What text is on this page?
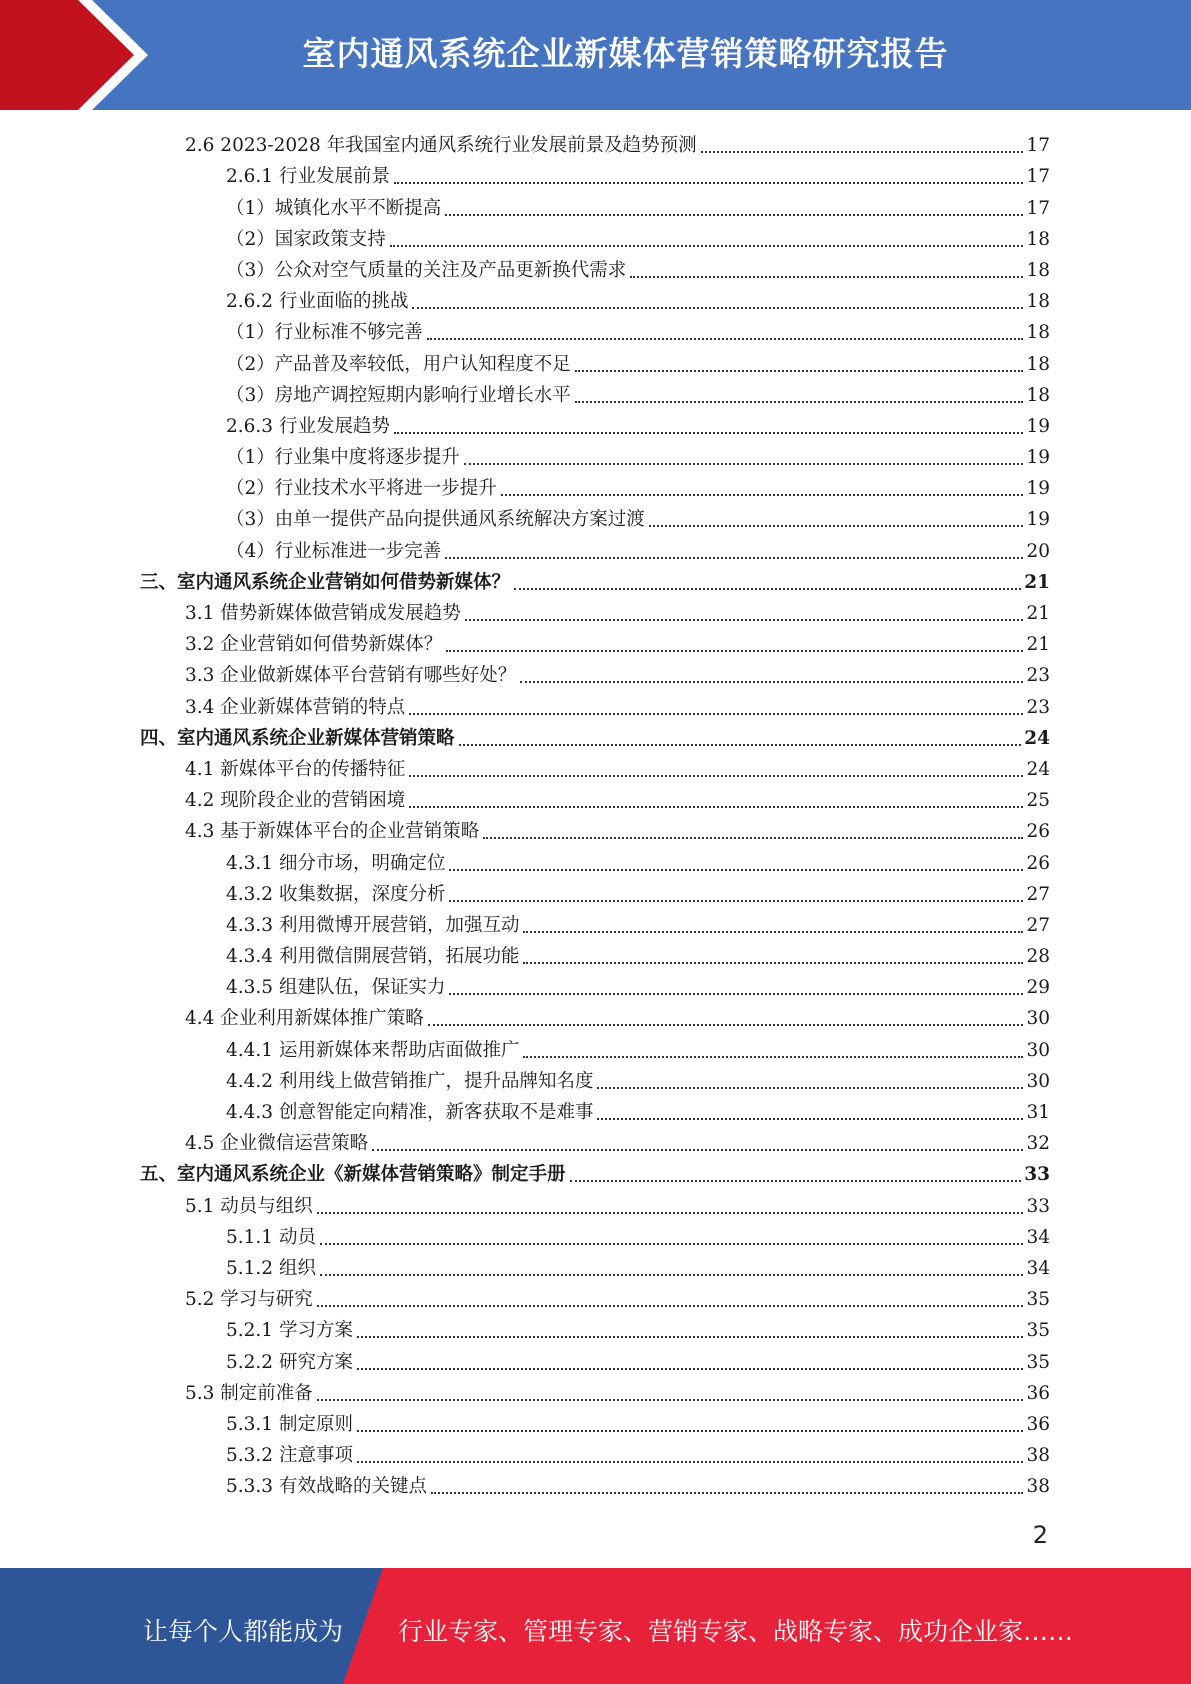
室内通风系统企业新媒体营销策略研究报告
2.6 2023-2028 年我国室内通风系统行业发展前景及趋势预测	17
2.6.1 行业发展前景	17
（1）城镇化水平不断提高	17
（2）国家政策支持	18
（3）公众对空气质量的关注及产品更新换代需求	18
2.6.2 行业面临的挑战	18
（1）行业标准不够完善	18
（2）产品普及率较低，用户认知程度不足	18
（3）房地产调控短期内影响行业增长水平	18
2.6.3 行业发展趋势	19
（1）行业集中度将逐步提升	19
（2）行业技术水平将进一步提升	19
（3）由单一提供产品向提供通风系统解决方案过渡	19
（4）行业标准进一步完善	20
三、室内通风系统企业营销如何借势新媒体？	21
3.1 借势新媒体做营销成发展趋势	21
3.2 企业营销如何借势新媒体？	21
3.3 企业做新媒体平台营销有哪些好处？	23
3.4 企业新媒体营销的特点	23
四、室内通风系统企业新媒体营销策略	24
4.1 新媒体平台的传播特征	24
4.2 现阶段企业的营销困境	25
4.3 基于新媒体平台的企业营销策略	26
4.3.1 细分市场，明确定位	26
4.3.2 收集数据，深度分析	27
4.3.3 利用微博开展营销，加强互动	27
4.3.4 利用微信開展营销，拓展功能	28
4.3.5 组建队伍，保证实力	29
4.4 企业利用新媒体推广策略	30
4.4.1 运用新媒体来帮助店面做推广	30
4.4.2 利用线上做营销推广，提升品牌知名度	30
4.4.3 创意智能定向精准，新客获取不是难事	31
4.5 企业微信运营策略	32
五、室内通风系统企业《新媒体营销策略》制定手册	33
5.1 动员与组织	33
5.1.1 动员	34
5.1.2 组织	34
5.2 学习与研究	35
5.2.1 学习方案	35
5.2.2 研究方案	35
5.3 制定前准备	36
5.3.1 制定原则	36
5.3.2 注意事项	38
5.3.3 有效战略的关键点	38
2
让每个人都能成为 行业专家、管理专家、营销专家、战略专家、成功企业家……
